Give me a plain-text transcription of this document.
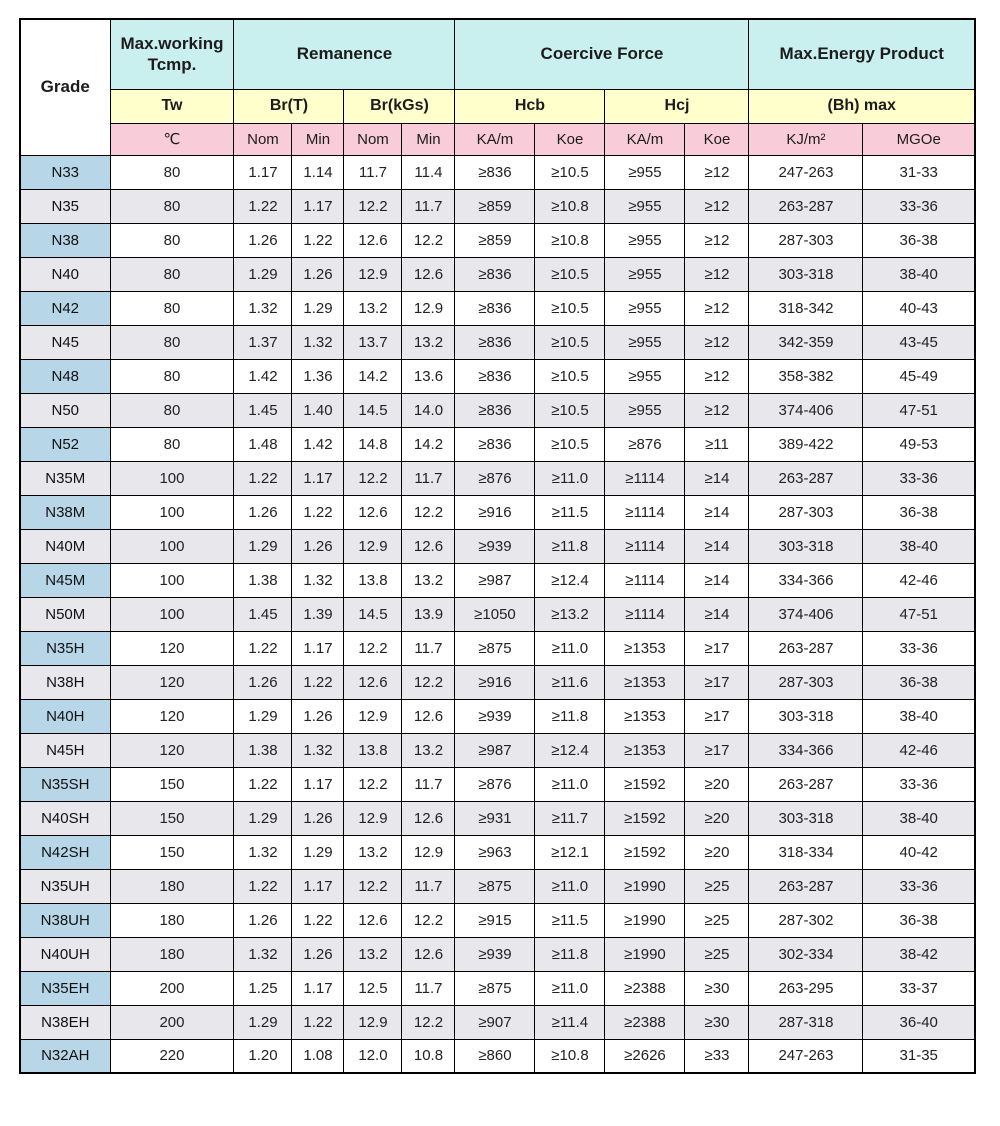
Grade	Max.working Tcmp.	Remanence				Coercive Force				Max.Energy Product	
	Tw	Br(T)		Br(kGs)		Hcb		Hcj		(Bh) max	
	℃	Nom	Min	Nom	Min	KA/m	Koe	KA/m	Koe	KJ/m²	MGOe
N33	80	1.17	1.14	11.7	11.4	≥836	≥10.5	≥955	≥12	247-263	31-33
N35	80	1.22	1.17	12.2	11.7	≥859	≥10.8	≥955	≥12	263-287	33-36
N38	80	1.26	1.22	12.6	12.2	≥859	≥10.8	≥955	≥12	287-303	36-38
N40	80	1.29	1.26	12.9	12.6	≥836	≥10.5	≥955	≥12	303-318	38-40
N42	80	1.32	1.29	13.2	12.9	≥836	≥10.5	≥955	≥12	318-342	40-43
N45	80	1.37	1.32	13.7	13.2	≥836	≥10.5	≥955	≥12	342-359	43-45
N48	80	1.42	1.36	14.2	13.6	≥836	≥10.5	≥955	≥12	358-382	45-49
N50	80	1.45	1.40	14.5	14.0	≥836	≥10.5	≥955	≥12	374-406	47-51
N52	80	1.48	1.42	14.8	14.2	≥836	≥10.5	≥876	≥11	389-422	49-53
N35M	100	1.22	1.17	12.2	11.7	≥876	≥11.0	≥1114	≥14	263-287	33-36
N38M	100	1.26	1.22	12.6	12.2	≥916	≥11.5	≥1114	≥14	287-303	36-38
N40M	100	1.29	1.26	12.9	12.6	≥939	≥11.8	≥1114	≥14	303-318	38-40
N45M	100	1.38	1.32	13.8	13.2	≥987	≥12.4	≥1114	≥14	334-366	42-46
N50M	100	1.45	1.39	14.5	13.9	≥1050	≥13.2	≥1114	≥14	374-406	47-51
N35H	120	1.22	1.17	12.2	11.7	≥875	≥11.0	≥1353	≥17	263-287	33-36
N38H	120	1.26	1.22	12.6	12.2	≥916	≥11.6	≥1353	≥17	287-303	36-38
N40H	120	1.29	1.26	12.9	12.6	≥939	≥11.8	≥1353	≥17	303-318	38-40
N45H	120	1.38	1.32	13.8	13.2	≥987	≥12.4	≥1353	≥17	334-366	42-46
N35SH	150	1.22	1.17	12.2	11.7	≥876	≥11.0	≥1592	≥20	263-287	33-36
N40SH	150	1.29	1.26	12.9	12.6	≥931	≥11.7	≥1592	≥20	303-318	38-40
N42SH	150	1.32	1.29	13.2	12.9	≥963	≥12.1	≥1592	≥20	318-334	40-42
N35UH	180	1.22	1.17	12.2	11.7	≥875	≥11.0	≥1990	≥25	263-287	33-36
N38UH	180	1.26	1.22	12.6	12.2	≥915	≥11.5	≥1990	≥25	287-302	36-38
N40UH	180	1.32	1.26	13.2	12.6	≥939	≥11.8	≥1990	≥25	302-334	38-42
N35EH	200	1.25	1.17	12.5	11.7	≥875	≥11.0	≥2388	≥30	263-295	33-37
N38EH	200	1.29	1.22	12.9	12.2	≥907	≥11.4	≥2388	≥30	287-318	36-40
N32AH	220	1.20	1.08	12.0	10.8	≥860	≥10.8	≥2626	≥33	247-263	31-35
